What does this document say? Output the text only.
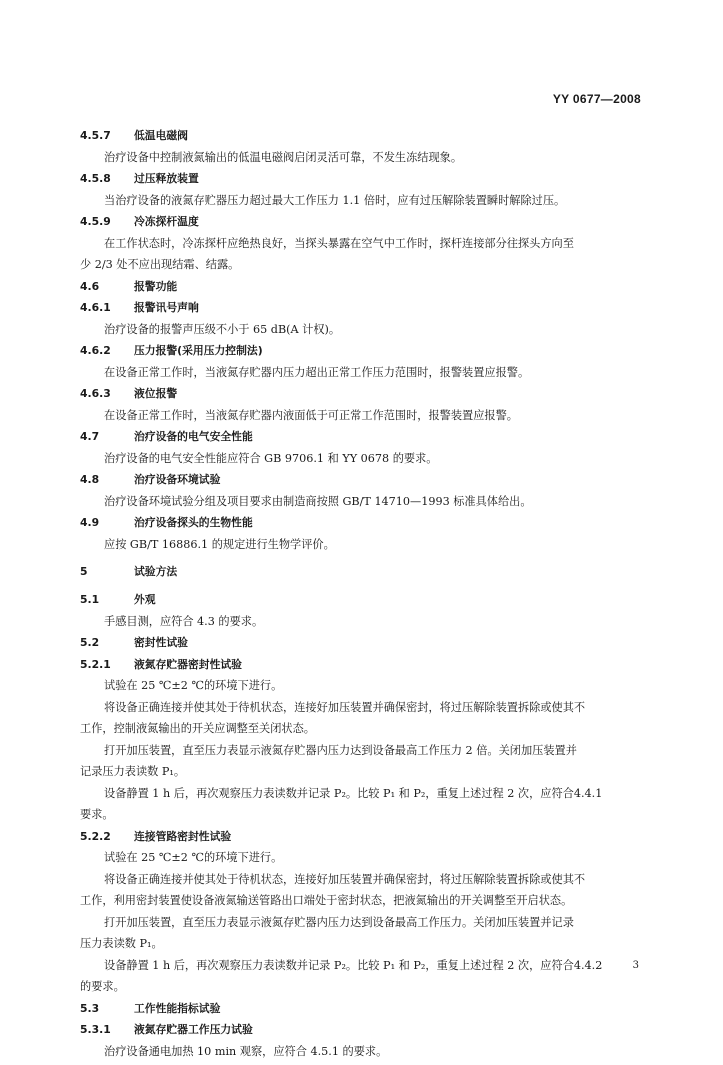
YY 0677—2008
4.5.7 低温电磁阀
治疗设备中控制液氮输出的低温电磁阀启闭灵活可靠，不发生冻结现象。
4.5.8 过压释放装置
当治疗设备的液氮存贮器压力超过最大工作压力 1.1 倍时，应有过压解除装置瞬时解除过压。
4.5.9 冷冻探杆温度
在工作状态时，冷冻探杆应绝热良好，当探头暴露在空气中工作时，探杆连接部分往探头方向至
少 2/3 处不应出现结霜、结露。
4.6	报警功能
4.6.1 报警讯号声响
治疗设备的报警声压级不小于 65 dB(A 计权)。
4.6.2 压力报警(采用压力控制法)
在设备正常工作时，当液氮存贮器内压力超出正常工作压力范围时，报警装置应报警。
4.6.3 液位报警
在设备正常工作时，当液氮存贮器内液面低于可正常工作范围时，报警装置应报警。
4.7	治疗设备的电气安全性能
治疗设备的电气安全性能应符合 GB 9706.1 和 YY 0678 的要求。
4.8	治疗设备环境试验
治疗设备环境试验分组及项目要求由制造商按照 GB/T 14710—1993 标准具体给出。
4.9	治疗设备探头的生物性能
应按 GB/T 16886.1 的规定进行生物学评价。
5	试验方法
5.1	外观
手感目测，应符合 4.3 的要求。
5.2	密封性试验
5.2.1 液氮存贮器密封性试验
试验在 25 ℃±2 ℃的环境下进行。
将设备正确连接并使其处于待机状态，连接好加压装置并确保密封，将过压解除装置拆除或使其不
工作，控制液氮输出的开关应调整至关闭状态。
打开加压装置，直至压力表显示液氮存贮器内压力达到设备最高工作压力 2 倍。关闭加压装置并
记录压力表读数 P₁。
设备静置 1 h 后，再次观察压力表读数并记录 P₂。比较 P₁ 和 P₂，重复上述过程 2 次，应符合4.4.1
要求。
5.2.2 连接管路密封性试验
试验在 25 ℃±2 ℃的环境下进行。
将设备正确连接并使其处于待机状态，连接好加压装置并确保密封，将过压解除装置拆除或使其不
工作，利用密封装置使设备液氮输送管路出口端处于密封状态，把液氮输出的开关调整至开启状态。
打开加压装置，直至压力表显示液氮存贮器内压力达到设备最高工作压力。关闭加压装置并记录
压力表读数 P₁。
设备静置 1 h 后，再次观察压力表读数并记录 P₂。比较 P₁ 和 P₂，重复上述过程 2 次，应符合4.4.2
的要求。
5.3	工作性能指标试验
5.3.1 液氮存贮器工作压力试验
治疗设备通电加热 10 min 观察，应符合 4.5.1 的要求。
3
